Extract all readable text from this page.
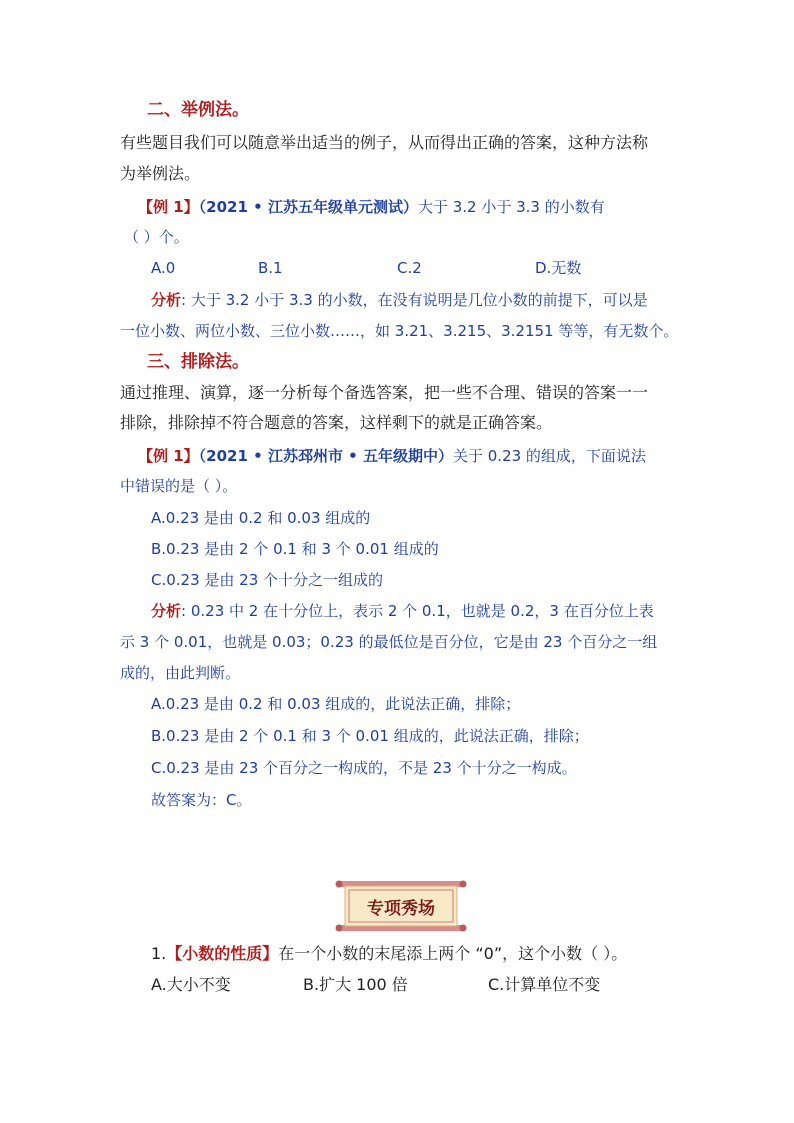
二、举例法。
有些题目我们可以随意举出适当的例子，从而得出正确的答案，这种方法称
为举例法。
【例 1】（2021 • 江苏五年级单元测试）大于 3.2 小于 3.3 的小数有
（ ）个。
A.0	B.1	C.2	D.无数
分析: 大于 3.2 小于 3.3 的小数，在没有说明是几位小数的前提下，可以是
一位小数、两位小数、三位小数……，如 3.21、3.215、3.2151 等等，有无数个。
三、排除法。
通过推理、演算，逐一分析每个备选答案，把一些不合理、错误的答案一一
排除，排除掉不符合题意的答案，这样剩下的就是正确答案。
【例 1】（2021 • 江苏邳州市 • 五年级期中）关于 0.23 的组成，下面说法
中错误的是（ ）。
A.0.23 是由 0.2 和 0.03 组成的
B.0.23 是由 2 个 0.1 和 3 个 0.01 组成的
C.0.23 是由 23 个十分之一组成的
分析: 0.23 中 2 在十分位上，表示 2 个 0.1，也就是 0.2，3 在百分位上表
示 3 个 0.01，也就是 0.03；0.23 的最低位是百分位，它是由 23 个百分之一组
成的，由此判断。
A.0.23 是由 0.2 和 0.03 组成的，此说法正确，排除；
B.0.23 是由 2 个 0.1 和 3 个 0.01 组成的，此说法正确，排除；
C.0.23 是由 23 个百分之一构成的，不是 23 个十分之一构成。
故答案为：C。
专项秀场
1.【小数的性质】在一个小数的末尾添上两个 “0”，这个小数（ ）。
A.大小不变	B.扩大 100 倍	C.计算单位不变
